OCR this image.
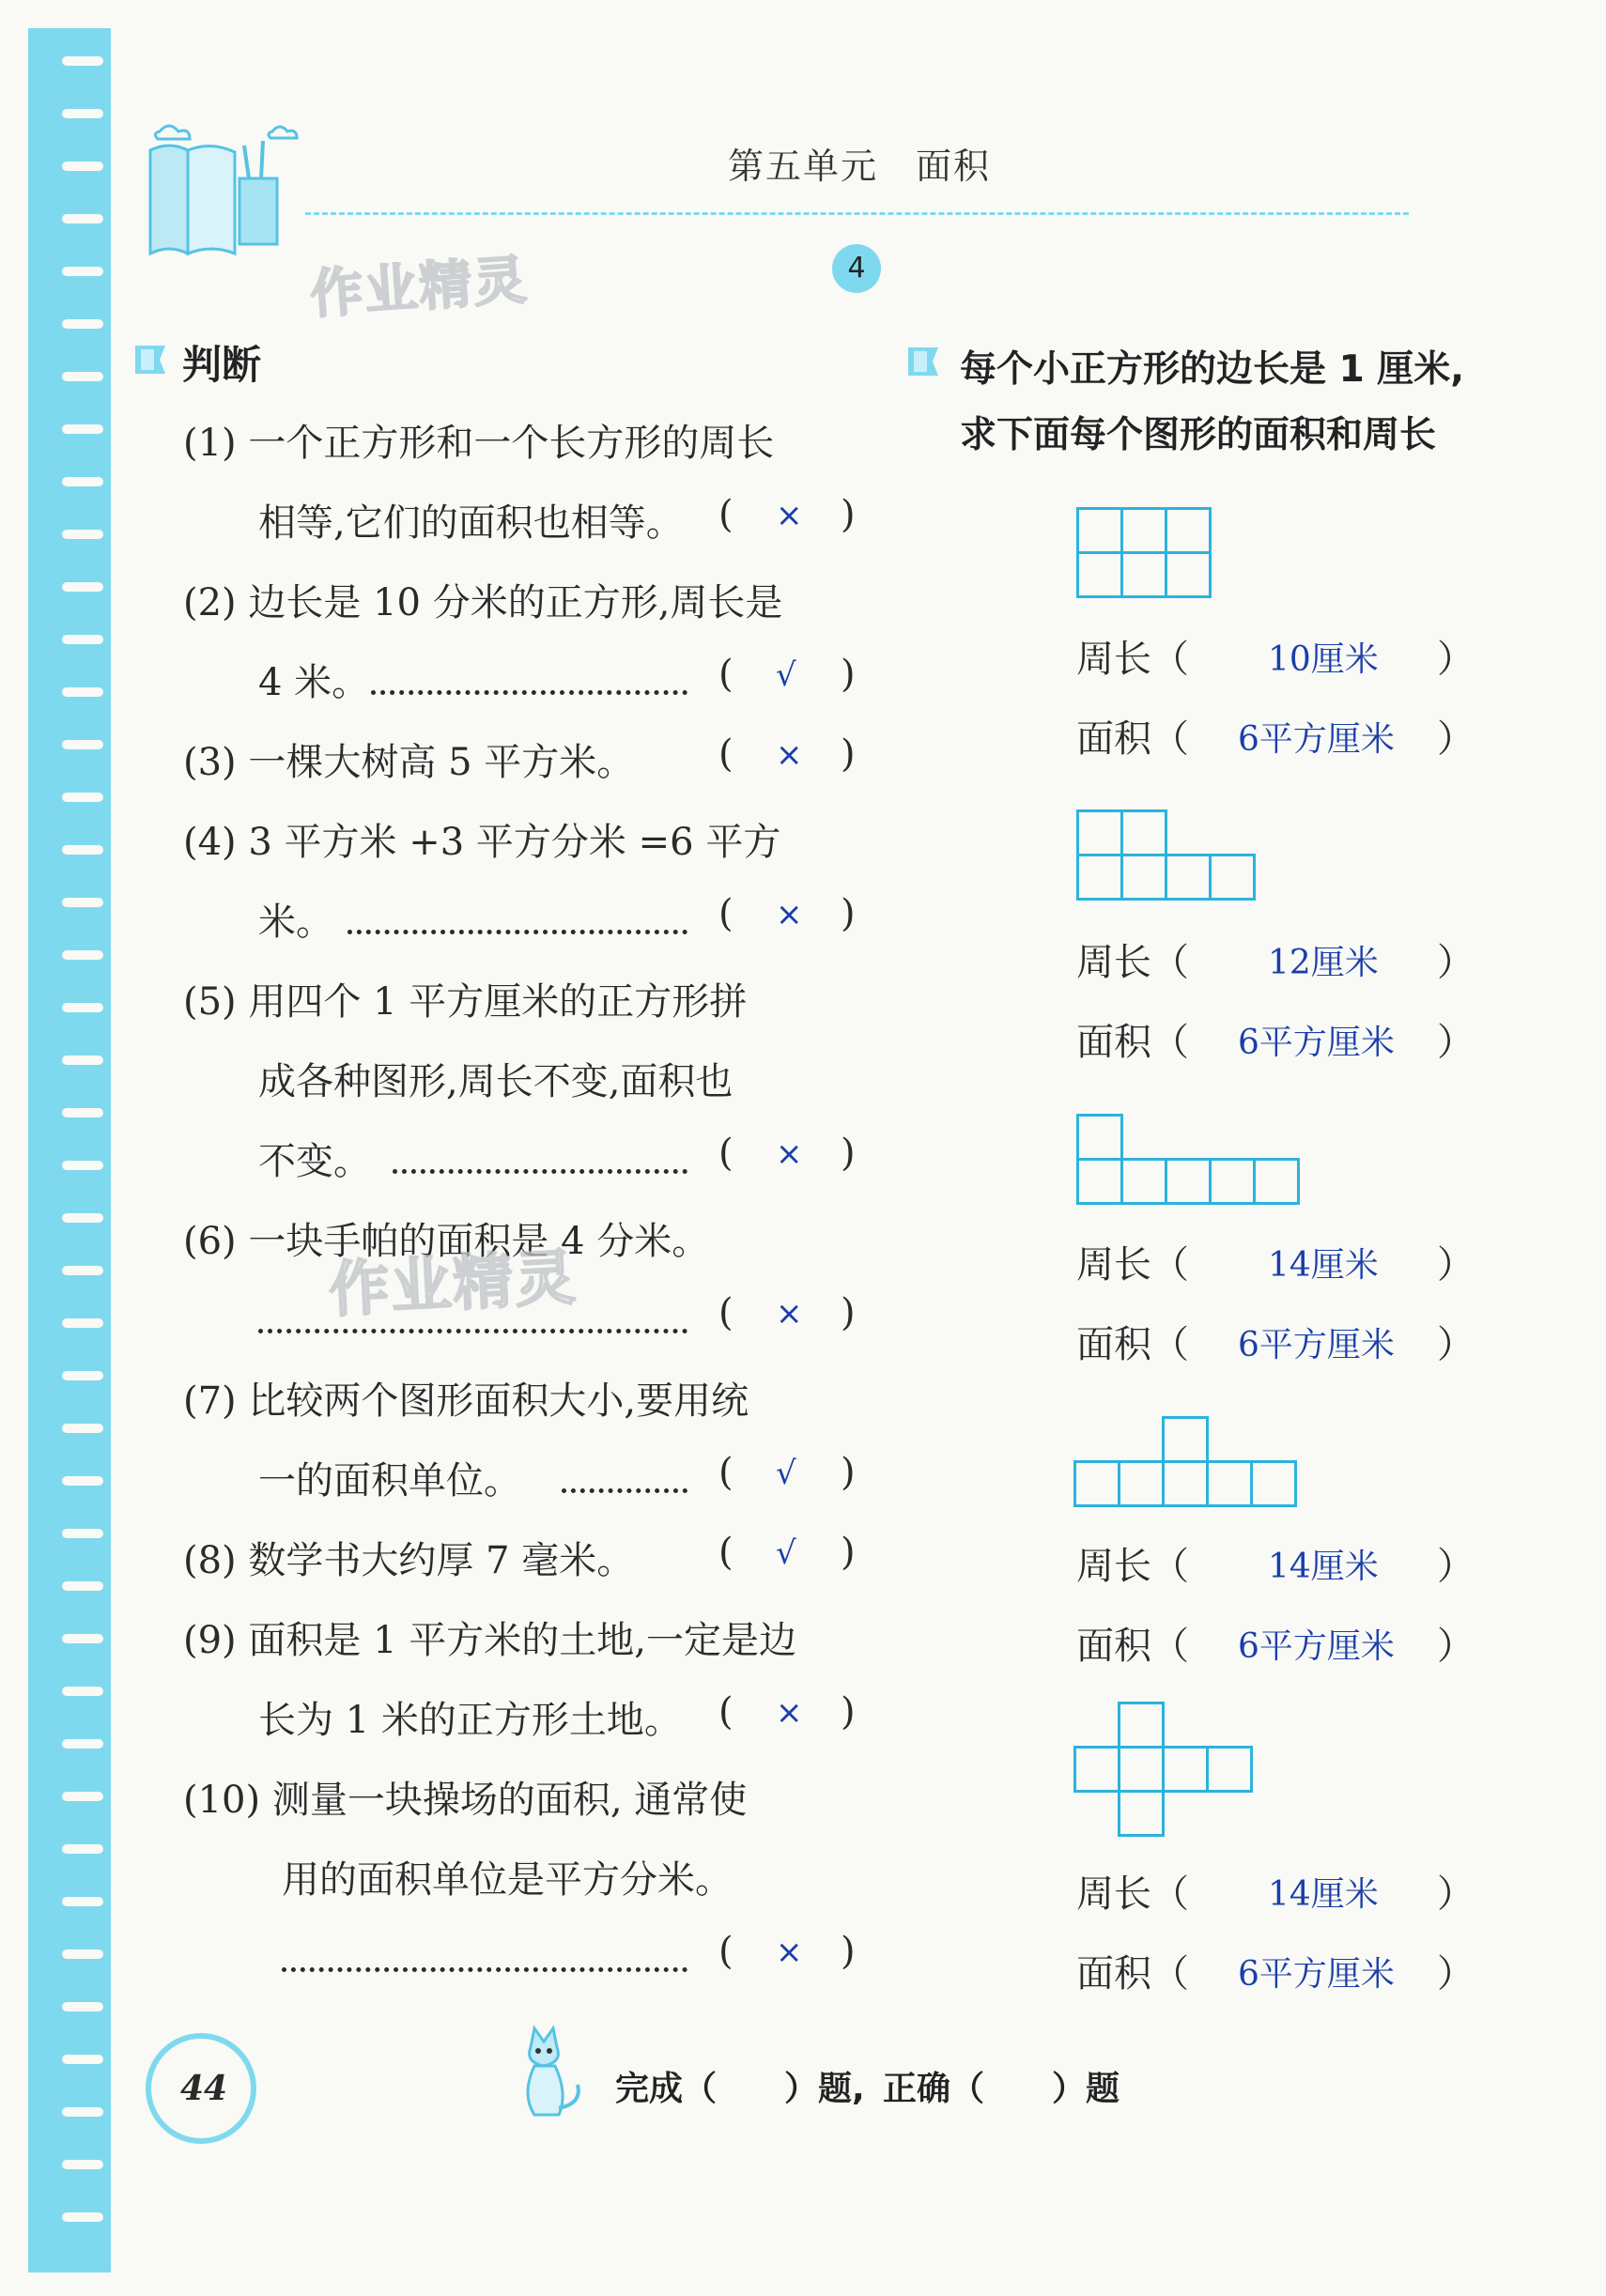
第五单元　面积
4
作业精灵
判断
(1) 一个正方形和一个长方形的周长
相等,它们的面积也相等。 ( × )
(2) 边长是 10 分米的正方形,周长是
4 米。	( √ )
(3) 一棵大树高 5 平方米。 ( × )
(4) 3 平方米 +3 平方分米 =6 平方
米。	( × )
(5) 用四个 1 平方厘米的正方形拼
成各种图形,周长不变,面积也
不变。	( × )
(6) 一块手帕的面积是 4 分米。
( × )
(7) 比较两个图形面积大小,要用统
一的面积单位。	( √ )
(8) 数学书大约厚 7 毫米。 ( √ )
(9) 面积是 1 平方米的土地,一定是边
长为 1 米的正方形土地。 ( × )
(10) 测量一块操场的面积, 通常使
用的面积单位是平方分米。
( × )
作业精灵
每个小正方形的边长是 1 厘米,
求下面每个图形的面积和周长
周长（ 10厘米 ）
面积（ 6平方厘米 ）
周长（ 12厘米 ）
面积（ 6平方厘米 ）
周长（ 14厘米 ）
面积（ 6平方厘米 ）
周长（ 14厘米 ）
面积（ 6平方厘米 ）
周长（ 14厘米 ）
面积（ 6平方厘米 ）
44	完成（　　）题, 正确（　　）题
